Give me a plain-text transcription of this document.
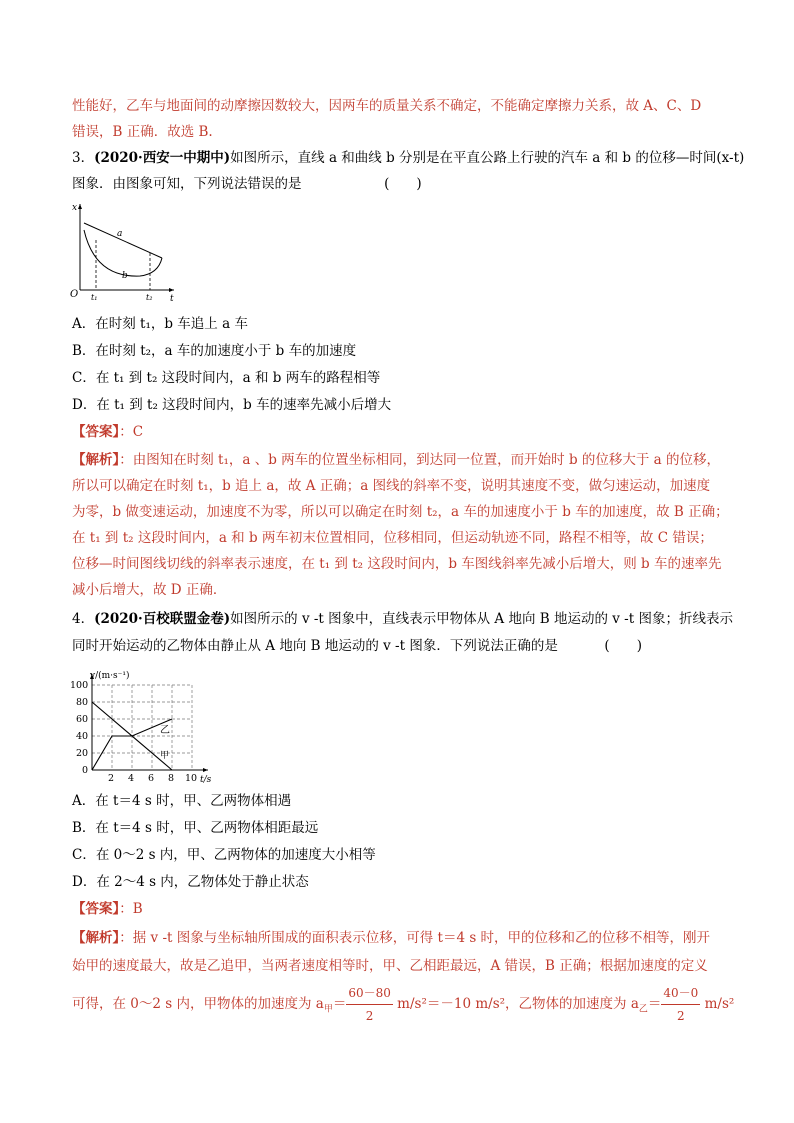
性能好，乙车与地面间的动摩擦因数较大，因两车的质量关系不确定，不能确定摩擦力关系，故 A、C、D
错误，B 正确．故选 B.
3．(2020·西安一中期中)如图所示，直线 a 和曲线 b 分别是在平直公路上行驶的汽车 a 和 b 的位移—时间(x-t)
图象．由图象可知，下列说法错误的是	(　　)
x
O	t
t₁	t₂
a
b
A．在时刻 t₁，b 车追上 a 车
B．在时刻 t₂，a 车的加速度小于 b 车的加速度
C．在 t₁ 到 t₂ 这段时间内，a 和 b 两车的路程相等
D．在 t₁ 到 t₂ 这段时间内，b 车的速率先减小后增大
【答案】：C
【解析】：由图知在时刻 t₁，a 、b 两车的位置坐标相同，到达同一位置，而开始时 b 的位移大于 a 的位移，
所以可以确定在时刻 t₁，b 追上 a，故 A 正确；a 图线的斜率不变，说明其速度不变，做匀速运动，加速度
为零，b 做变速运动，加速度不为零，所以可以确定在时刻 t₂，a 车的加速度小于 b 车的加速度，故 B 正确；
在 t₁ 到 t₂ 这段时间内，a 和 b 两车初末位置相同，位移相同，但运动轨迹不同，路程不相等，故 C 错误；
位移—时间图线切线的斜率表示速度，在 t₁ 到 t₂ 这段时间内，b 车图线斜率先减小后增大，则 b 车的速率先
减小后增大，故 D 正确．
4．(2020·百校联盟金卷)如图所示的 v -t 图象中，直线表示甲物体从 A 地向 B 地运动的 v -t 图象；折线表示
同时开始运动的乙物体由静止从 A 地向 B 地运动的 v -t 图象．下列说法正确的是	(　　)
v/(m·s⁻¹)
100
80
60
40
20
0
2 4 6 8 10 t/s
乙
甲
A．在 t＝4 s 时，甲、乙两物体相遇
B．在 t＝4 s 时，甲、乙两物体相距最远
C．在 0～2 s 内，甲、乙两物体的加速度大小相等
D．在 2～4 s 内，乙物体处于静止状态
【答案】：B
【解析】：据 v -t 图象与坐标轴所围成的面积表示位移，可得 t＝4 s 时，甲的位移和乙的位移不相等，刚开
始甲的速度最大，故是乙追甲，当两者速度相等时，甲、乙相距最远，A 错误，B 正确；根据加速度的定义
可得，在 0～2 s 内，甲物体的加速度为 $a_甲= \frac{60-80}{2} m/s^2=-10$ m/s²，乙物体的加速度为 $a_乙= \frac{40-0}{2} m/s^2$
